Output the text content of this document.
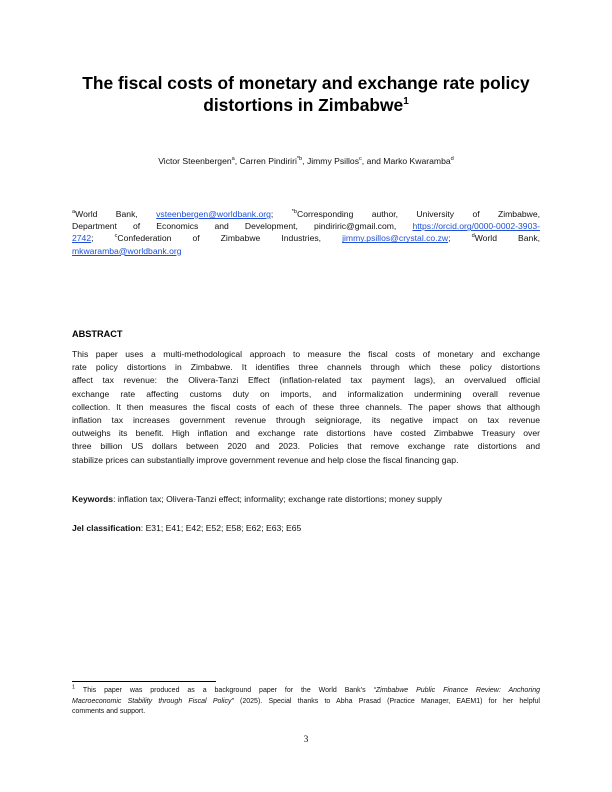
The fiscal costs of monetary and exchange rate policy
distortions in Zimbabwe$^1$
Victor Steenbergen$^a$, Carren Pindiriri$^{*b}$, Jimmy Psillos$^c$, and Marko Kwaramba$^d$
$^a$World Bank, vsteenbergen@worldbank.org; $^{*b}$Corresponding author, University of Zimbabwe,
Department of Economics and Development, pindiriric@gmail.com, https://orcid.org/0000-0002-3903-
2742; $^c$Confederation of Zimbabwe Industries, jimmy.psillos@crystal.co.zw; $^d$World Bank,
mkwaramba@worldbank.org
ABSTRACT
This paper uses a multi-methodological approach to measure the fiscal costs of monetary and exchange
rate policy distortions in Zimbabwe. It identifies three channels through which these policy distortions
affect tax revenue: the Olivera-Tanzi Effect (inflation-related tax payment lags), an overvalued official
exchange rate affecting customs duty on imports, and informalization undermining overall revenue
collection. It then measures the fiscal costs of each of these three channels. The paper shows that although
inflation tax increases government revenue through seigniorage, its negative impact on tax revenue
outweighs its benefit. High inflation and exchange rate distortions have costed Zimbabwe Treasury over
three billion US dollars between 2020 and 2023. Policies that remove exchange rate distortions and
stabilize prices can substantially improve government revenue and help close the fiscal financing gap.
Keywords: inflation tax; Olivera-Tanzi effect; informality; exchange rate distortions; money supply
Jel classification: E31; E41; E42; E52; E58; E62; E63; E65
$^1$ This paper was produced as a background paper for the World Bank’s “Zimbabwe Public Finance Review: Anchoring
Macroeconomic Stability through Fiscal Policy” (2025). Special thanks to Abha Prasad (Practice Manager, EAEM1) for her helpful
comments and support.
3
